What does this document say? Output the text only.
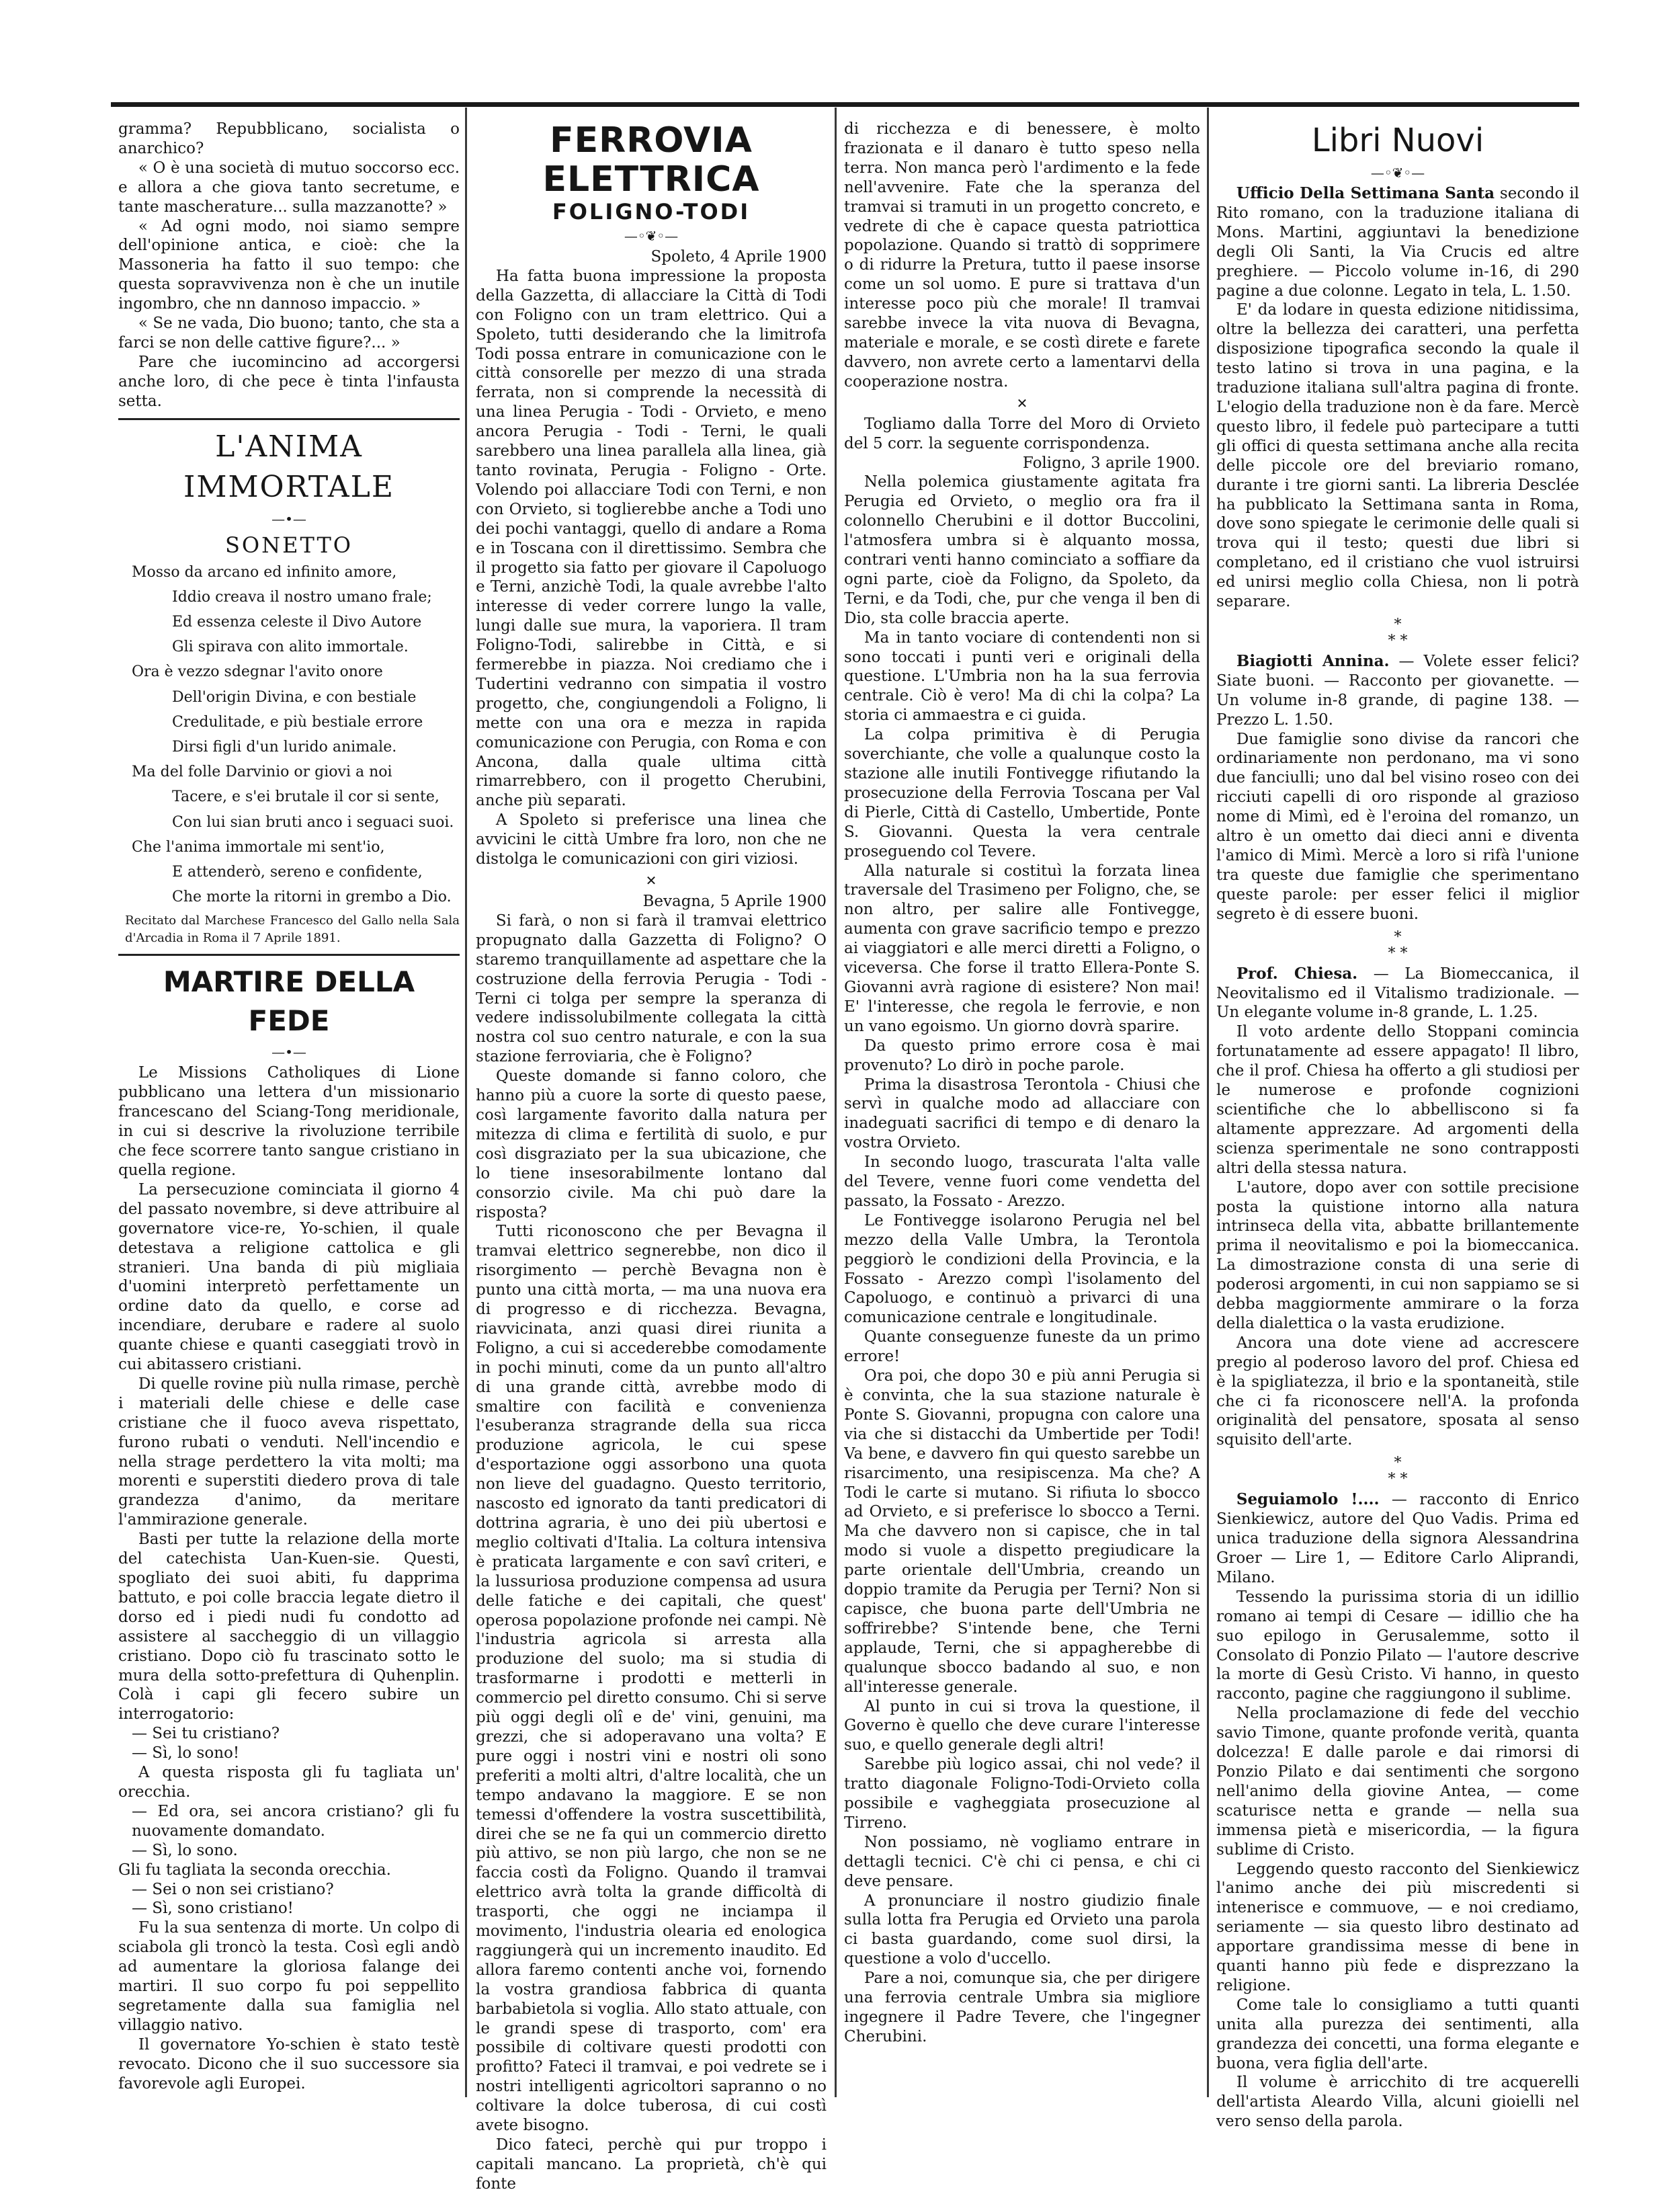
gramma? Repubblicano, socialista o anarchico?

« O è una società di mutuo soccorso ecc. e allora a che giova tanto secretume, e tante mascherature... sulla mazzanotte? »

« Ad ogni modo, noi siamo sempre dell'opinione antica, e cioè: che la Massoneria ha fatto il suo tempo: che questa sopravvivenza non è che un inutile ingombro, che nn dannoso impaccio. »

« Se ne vada, Dio buono; tanto, che sta a farci se non delle cattive figure?... »

Pare che iucomincino ad accorgersi anche loro, di che pece è tinta l'infausta setta.

L'ANIMA IMMORTALE
—•—
SONETTO

Mosso da arcano ed infinito amore,

Iddio creava il nostro umano frale;

Ed essenza celeste il Divo Autore

Gli spirava con alito immortale.

Ora è vezzo sdegnar l'avito onore

Dell'origin Divina, e con bestiale

Credulitade, e più bestiale errore

Dirsi figli d'un lurido animale.

Ma del folle Darvinio or giovi a noi

Tacere, e s'ei brutale il cor si sente,

Con lui sian bruti anco i seguaci suoi.

Che l'anima immortale mi sent'io,

E attenderò, sereno e confidente,

Che morte la ritorni in grembo a Dio.

Recitato dal Marchese Francesco del Gallo nella Sala d'Arcadia in Roma il 7 Aprile 1891.

MARTIRE DELLA FEDE
—•—

Le Missions Catholiques di Lione pubblicano una lettera d'un missionario francescano del Sciang-Tong meridionale, in cui si descrive la rivoluzione terribile che fece scorrere tanto sangue cristiano in quella regione.

La persecuzione cominciata il giorno 4 del passato novembre, si deve attribuire al governatore vice-re, Yo-schien, il quale detestava a religione cattolica e gli stranieri. Una banda di più migliaia d'uomini interpretò perfettamente un ordine dato da quello, e corse ad incendiare, derubare e radere al suolo quante chiese e quanti caseggiati trovò in cui abitassero cristiani.

Di quelle rovine più nulla rimase, perchè i materiali delle chiese e delle case cristiane che il fuoco aveva rispettato, furono rubati o venduti. Nell'incendio e nella strage perdettero la vita molti; ma morenti e superstiti diedero prova di tale grandezza d'animo, da meritare l'ammirazione generale.

Basti per tutte la relazione della morte del catechista Uan-Kuen-sie. Questi, spogliato dei suoi abiti, fu dapprima battuto, e poi colle braccia legate dietro il dorso ed i piedi nudi fu condotto ad assistere al saccheggio di un villaggio cristiano. Dopo ciò fu trascinato sotto le mura della sotto-prefettura di Quhenplin. Colà i capi gli fecero subire un interrogatorio:

— Sei tu cristiano?

— Sì, lo sono!

A questa risposta gli fu tagliata un' orecchia.

— Ed ora, sei ancora cristiano? gli fu nuovamente domandato.

— Sì, lo sono.

Gli fu tagliata la seconda orecchia.

— Sei o non sei cristiano?

— Sì, sono cristiano!

Fu la sua sentenza di morte. Un colpo di sciabola gli troncò la testa. Così egli andò ad aumentare la gloriosa falange dei martiri. Il suo corpo fu poi seppellito segretamente dalla sua famiglia nel villaggio nativo.

Il governatore Yo-schien è stato testè revocato. Dicono che il suo successore sia favorevole agli Europei.

FERROVIA ELETTRICA
FOLIGNO-TODI
—◦❦◦—

Spoleto, 4 Aprile 1900

Ha fatta buona impressione la proposta della Gazzetta, di allacciare la Città di Todi con Foligno con un tram elettrico. Qui a Spoleto, tutti desiderando che la limitrofa Todi possa entrare in comunicazione con le città consorelle per mezzo di una strada ferrata, non si comprende la necessità di una linea Perugia - Todi - Orvieto, e meno ancora Perugia - Todi - Terni, le quali sarebbero una linea parallela alla linea, già tanto rovinata, Perugia - Foligno - Orte. Volendo poi allacciare Todi con Terni, e non con Orvieto, si toglierebbe anche a Todi uno dei pochi vantaggi, quello di andare a Roma e in Toscana con il direttissimo. Sembra che il progetto sia fatto per giovare il Capoluogo e Terni, anzichè Todi, la quale avrebbe l'alto interesse di veder correre lungo la valle, lungi dalle sue mura, la vaporiera. Il tram Foligno-Todi, salirebbe in Città, e si fermerebbe in piazza. Noi crediamo che i Tudertini vedranno con simpatia il vostro progetto, che, congiungendoli a Foligno, li mette con una ora e mezza in rapida comunicazione con Perugia, con Roma e con Ancona, dalla quale ultima città rimarrebbero, con il progetto Cherubini, anche più separati.

A Spoleto si preferisce una linea che avvicini le città Umbre fra loro, non che ne distolga le comunicazioni con giri viziosi.

✕

Bevagna, 5 Aprile 1900

Si farà, o non si farà il tramvai elettrico propugnato dalla Gazzetta di Foligno? O staremo tranquillamente ad aspettare che la costruzione della ferrovia Perugia - Todi - Terni ci tolga per sempre la speranza di vedere indissolubilmente collegata la città nostra col suo centro naturale, e con la sua stazione ferroviaria, che è Foligno?

Queste domande si fanno coloro, che hanno più a cuore la sorte di questo paese, così largamente favorito dalla natura per mitezza di clima e fertilità di suolo, e pur così disgraziato per la sua ubicazione, che lo tiene insesorabilmente lontano dal consorzio civile. Ma chi può dare la risposta?

Tutti riconoscono che per Bevagna il tramvai elettrico segnerebbe, non dico il risorgimento — perchè Bevagna non è punto una città morta, — ma una nuova era di progresso e di ricchezza. Bevagna, riavvicinata, anzi quasi direi riunita a Foligno, a cui si accederebbe comodamente in pochi minuti, come da un punto all'altro di una grande città, avrebbe modo di smaltire con facilità e convenienza l'esuberanza stragrande della sua ricca produzione agricola, le cui spese d'esportazione oggi assorbono una quota non lieve del guadagno. Questo territorio, nascosto ed ignorato da tanti predicatori di dottrina agraria, è uno dei più ubertosi e meglio coltivati d'Italia. La coltura intensiva è praticata largamente e con savî criteri, e la lussuriosa produzione compensa ad usura delle fatiche e dei capitali, che quest' operosa popolazione profonde nei campi. Nè l'industria agricola si arresta alla produzione del suolo; ma si studia di trasformarne i prodotti e metterli in commercio pel diretto consumo. Chi si serve più oggi degli olî e de' vini, genuini, ma grezzi, che si adoperavano una volta? E pure oggi i nostri vini e nostri oli sono preferiti a molti altri, d'altre località, che un tempo andavano la maggiore. E se non temessi d'offendere la vostra suscettibilità, direi che se ne fa qui un commercio diretto più attivo, se non più largo, che non se ne faccia costì da Foligno. Quando il tramvai elettrico avrà tolta la grande difficoltà di trasporti, che oggi ne inciampa il movimento, l'industria olearia ed enologica raggiungerà qui un incremento inaudito. Ed allora faremo contenti anche voi, fornendo la vostra grandiosa fabbrica di quanta barbabietola si voglia. Allo stato attuale, con le grandi spese di trasporto, com' era possibile di coltivare questi prodotti con profitto? Fateci il tramvai, e poi vedrete se i nostri intelligenti agricoltori sapranno o no coltivare la dolce tuberosa, di cui costì avete bisogno.

Dico fateci, perchè qui pur troppo i capitali mancano. La proprietà, ch'è qui fonte

di ricchezza e di benessere, è molto frazionata e il danaro è tutto speso nella terra. Non manca però l'ardimento e la fede nell'avvenire. Fate che la speranza del tramvai si tramuti in un progetto concreto, e vedrete di che è capace questa patriottica popolazione. Quando si trattò di sopprimere o di ridurre la Pretura, tutto il paese insorse come un sol uomo. E pure si trattava d'un interesse poco più che morale! Il tramvai sarebbe invece la vita nuova di Bevagna, materiale e morale, e se costì direte e farete davvero, non avrete certo a lamentarvi della cooperazione nostra.

✕

Togliamo dalla Torre del Moro di Orvieto del 5 corr. la seguente corrispondenza.

Foligno, 3 aprile 1900.

Nella polemica giustamente agitata fra Perugia ed Orvieto, o meglio ora fra il colonnello Cherubini e il dottor Buccolini, l'atmosfera umbra si è alquanto mossa, contrari venti hanno cominciato a soffiare da ogni parte, cioè da Foligno, da Spoleto, da Terni, e da Todi, che, pur che venga il ben di Dio, sta colle braccia aperte.

Ma in tanto vociare di contendenti non si sono toccati i punti veri e originali della questione. L'Umbria non ha la sua ferrovia centrale. Ciò è vero! Ma di chi la colpa? La storia ci ammaestra e ci guida.

La colpa primitiva è di Perugia soverchiante, che volle a qualunque costo la stazione alle inutili Fontivegge rifiutando la prosecuzione della Ferrovia Toscana per Val di Pierle, Città di Castello, Umbertide, Ponte S. Giovanni. Questa la vera centrale proseguendo col Tevere.

Alla naturale si costituì la forzata linea traversale del Trasimeno per Foligno, che, se non altro, per salire alle Fontivegge, aumenta con grave sacrificio tempo e prezzo ai viaggiatori e alle merci diretti a Foligno, o viceversa. Che forse il tratto Ellera-Ponte S. Giovanni avrà ragione di esistere? Non mai! E' l'interesse, che regola le ferrovie, e non un vano egoismo. Un giorno dovrà sparire.

Da questo primo errore cosa è mai provenuto? Lo dirò in poche parole.

Prima la disastrosa Terontola - Chiusi che servì in qualche modo ad allacciare con inadeguati sacrifici di tempo e di denaro la vostra Orvieto.

In secondo luogo, trascurata l'alta valle del Tevere, venne fuori come vendetta del passato, la Fossato - Arezzo.

Le Fontivegge isolarono Perugia nel bel mezzo della Valle Umbra, la Terontola peggiorò le condizioni della Provincia, e la Fossato - Arezzo compì l'isolamento del Capoluogo, e continuò a privarci di una comunicazione centrale e longitudinale.

Quante conseguenze funeste da un primo errore!

Ora poi, che dopo 30 e più anni Perugia si è convinta, che la sua stazione naturale è Ponte S. Giovanni, propugna con calore una via che si distacchi da Umbertide per Todi! Va bene, e davvero fin qui questo sarebbe un risarcimento, una resipiscenza. Ma che? A Todi le carte si mutano. Si rifiuta lo sbocco ad Orvieto, e si preferisce lo sbocco a Terni. Ma che davvero non si capisce, che in tal modo si vuole a dispetto pregiudicare la parte orientale dell'Umbria, creando un doppio tramite da Perugia per Terni? Non si capisce, che buona parte dell'Umbria ne soffrirebbe? S'intende bene, che Terni applaude, Terni, che si appagherebbe di qualunque sbocco badando al suo, e non all'interesse generale.

Al punto in cui si trova la questione, il Governo è quello che deve curare l'interesse suo, e quello generale degli altri!

Sarebbe più logico assai, chi nol vede? il tratto diagonale Foligno-Todi-Orvieto colla possibile e vagheggiata prosecuzione al Tirreno.

Non possiamo, nè vogliamo entrare in dettagli tecnici. C'è chi ci pensa, e chi ci deve pensare.

A pronunciare il nostro giudizio finale sulla lotta fra Perugia ed Orvieto una parola ci basta guardando, come suol dirsi, la questione a volo d'uccello.

Pare a noi, comunque sia, che per dirigere una ferrovia centrale Umbra sia migliore ingegnere il Padre Tevere, che l'ingegner Cherubini.

Libri Nuovi
—◦❦◦—

Ufficio Della Settimana Santa secondo il Rito romano, con la traduzione italiana di Mons. Martini, aggiuntavi la benedizione degli Oli Santi, la Via Crucis ed altre preghiere. — Piccolo volume in-16, di 290 pagine a due colonne. Legato in tela, L. 1.50.

E' da lodare in questa edizione nitidissima, oltre la bellezza dei caratteri, una perfetta disposizione tipografica secondo la quale il testo latino si trova in una pagina, e la traduzione italiana sull'altra pagina di fronte. L'elogio della traduzione non è da fare. Mercè questo libro, il fedele può partecipare a tutti gli offici di questa settimana anche alla recita delle piccole ore del breviario romano, durante i tre giorni santi. La libreria Desclée ha pubblicato la Settimana santa in Roma, dove sono spiegate le cerimonie delle quali si trova qui il testo; questi due libri si completano, ed il cristiano che vuol istruirsi ed unirsi meglio colla Chiesa, non li potrà separare.

*
* *

Biagiotti Annina. — Volete esser felici? Siate buoni. — Racconto per giovanette. — Un volume in-8 grande, di pagine 138. — Prezzo L. 1.50.

Due famiglie sono divise da rancori che ordinariamente non perdonano, ma vi sono due fanciulli; uno dal bel visino roseo con dei ricciuti capelli di oro risponde al grazioso nome di Mimì, ed è l'eroina del romanzo, un altro è un ometto dai dieci anni e diventa l'amico di Mimì. Mercè a loro si rifà l'unione tra queste due famiglie che sperimentano queste parole: per esser felici il miglior segreto è di essere buoni.

*
* *

Prof. Chiesa. — La Biomeccanica, il Neovitalismo ed il Vitalismo tradizionale. — Un elegante volume in-8 grande, L. 1.25.

Il voto ardente dello Stoppani comincia fortunatamente ad essere appagato! Il libro, che il prof. Chiesa ha offerto a gli studiosi per le numerose e profonde cognizioni scientifiche che lo abbelliscono si fa altamente apprezzare. Ad argomenti della scienza sperimentale ne sono contrapposti altri della stessa natura.

L'autore, dopo aver con sottile precisione posta la quistione intorno alla natura intrinseca della vita, abbatte brillantemente prima il neovitalismo e poi la biomeccanica. La dimostrazione consta di una serie di poderosi argomenti, in cui non sappiamo se si debba maggiormente ammirare o la forza della dialettica o la vasta erudizione.

Ancora una dote viene ad accrescere pregio al poderoso lavoro del prof. Chiesa ed è la spigliatezza, il brio e la spontaneità, stile che ci fa riconoscere nell'A. la profonda originalità del pensatore, sposata al senso squisito dell'arte.

*
* *

Seguiamolo !.... — racconto di Enrico Sienkiewicz, autore del Quo Vadis. Prima ed unica traduzione della signora Alessandrina Groer — Lire 1, — Editore Carlo Aliprandi, Milano.

Tessendo la purissima storia di un idillio romano ai tempi di Cesare — idillio che ha suo epilogo in Gerusalemme, sotto il Consolato di Ponzio Pilato — l'autore descrive la morte di Gesù Cristo. Vi hanno, in questo racconto, pagine che raggiungono il sublime.

Nella proclamazione di fede del vecchio savio Timone, quante profonde verità, quanta dolcezza! E dalle parole e dai rimorsi di Ponzio Pilato e dai sentimenti che sorgono nell'animo della giovine Antea, — come scaturisce netta e grande — nella sua immensa pietà e misericordia, — la figura sublime di Cristo.

Leggendo questo racconto del Sienkiewicz l'animo anche dei più miscredenti si intenerisce e commuove, — e noi crediamo, seriamente — sia questo libro destinato ad apportare grandissima messe di bene in quanti hanno più fede e disprezzano la religione.

Come tale lo consigliamo a tutti quanti unita alla purezza dei sentimenti, alla grandezza dei concetti, una forma elegante e buona, vera figlia dell'arte.

Il volume è arricchito di tre acquerelli dell'artista Aleardo Villa, alcuni gioielli nel vero senso della parola.
